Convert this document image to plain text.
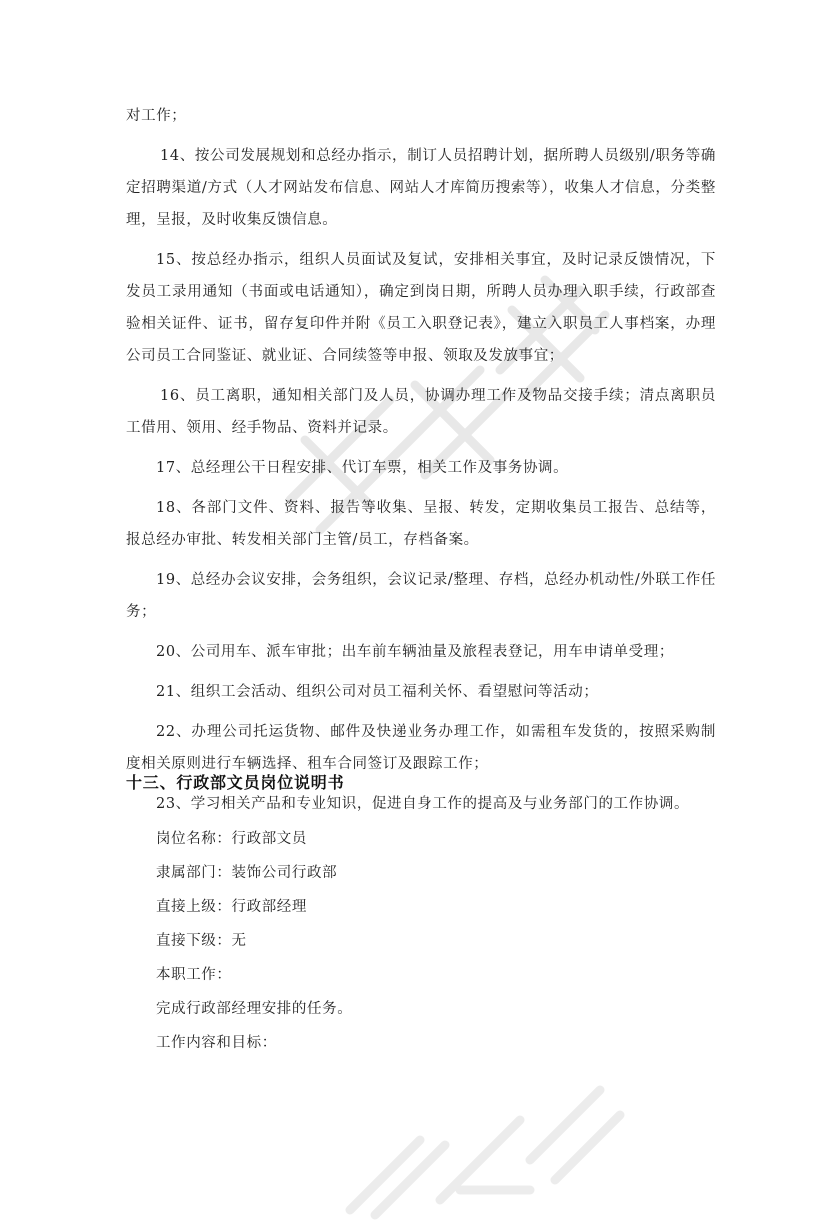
对工作；

14、按公司发展规划和总经办指示，制订人员招聘计划，据所聘人员级别/职务等确定招聘渠道/方式（人才网站发布信息、网站人才库简历搜索等），收集人才信息，分类整理，呈报，及时收集反馈信息。

15、按总经办指示，组织人员面试及复试，安排相关事宜，及时记录反馈情况，下发员工录用通知（书面或电话通知），确定到岗日期，所聘人员办理入职手续，行政部查验相关证件、证书，留存复印件并附《员工入职登记表》，建立入职员工人事档案，办理公司员工合同鉴证、就业证、合同续签等申报、领取及发放事宜；

16、员工离职，通知相关部门及人员，协调办理工作及物品交接手续；清点离职员工借用、领用、经手物品、资料并记录。

17、总经理公干日程安排、代订车票，相关工作及事务协调。

18、各部门文件、资料、报告等收集、呈报、转发，定期收集员工报告、总结等，报总经办审批、转发相关部门主管/员工，存档备案。

19、总经办会议安排，会务组织，会议记录/整理、存档，总经办机动性/外联工作任务；

20、公司用车、派车审批；出车前车辆油量及旅程表登记，用车申请单受理；

21、组织工会活动、组织公司对员工福利关怀、看望慰问等活动；

22、办理公司托运货物、邮件及快递业务办理工作，如需租车发货的，按照采购制度相关原则进行车辆选择、租车合同签订及跟踪工作；

23、学习相关产品和专业知识，促进自身工作的提高及与业务部门的工作协调。

十三、行政部文员岗位说明书

岗位名称：行政部文员

隶属部门：装饰公司行政部

直接上级：行政部经理

直接下级：无

本职工作：

完成行政部经理安排的任务。

工作内容和目标：
